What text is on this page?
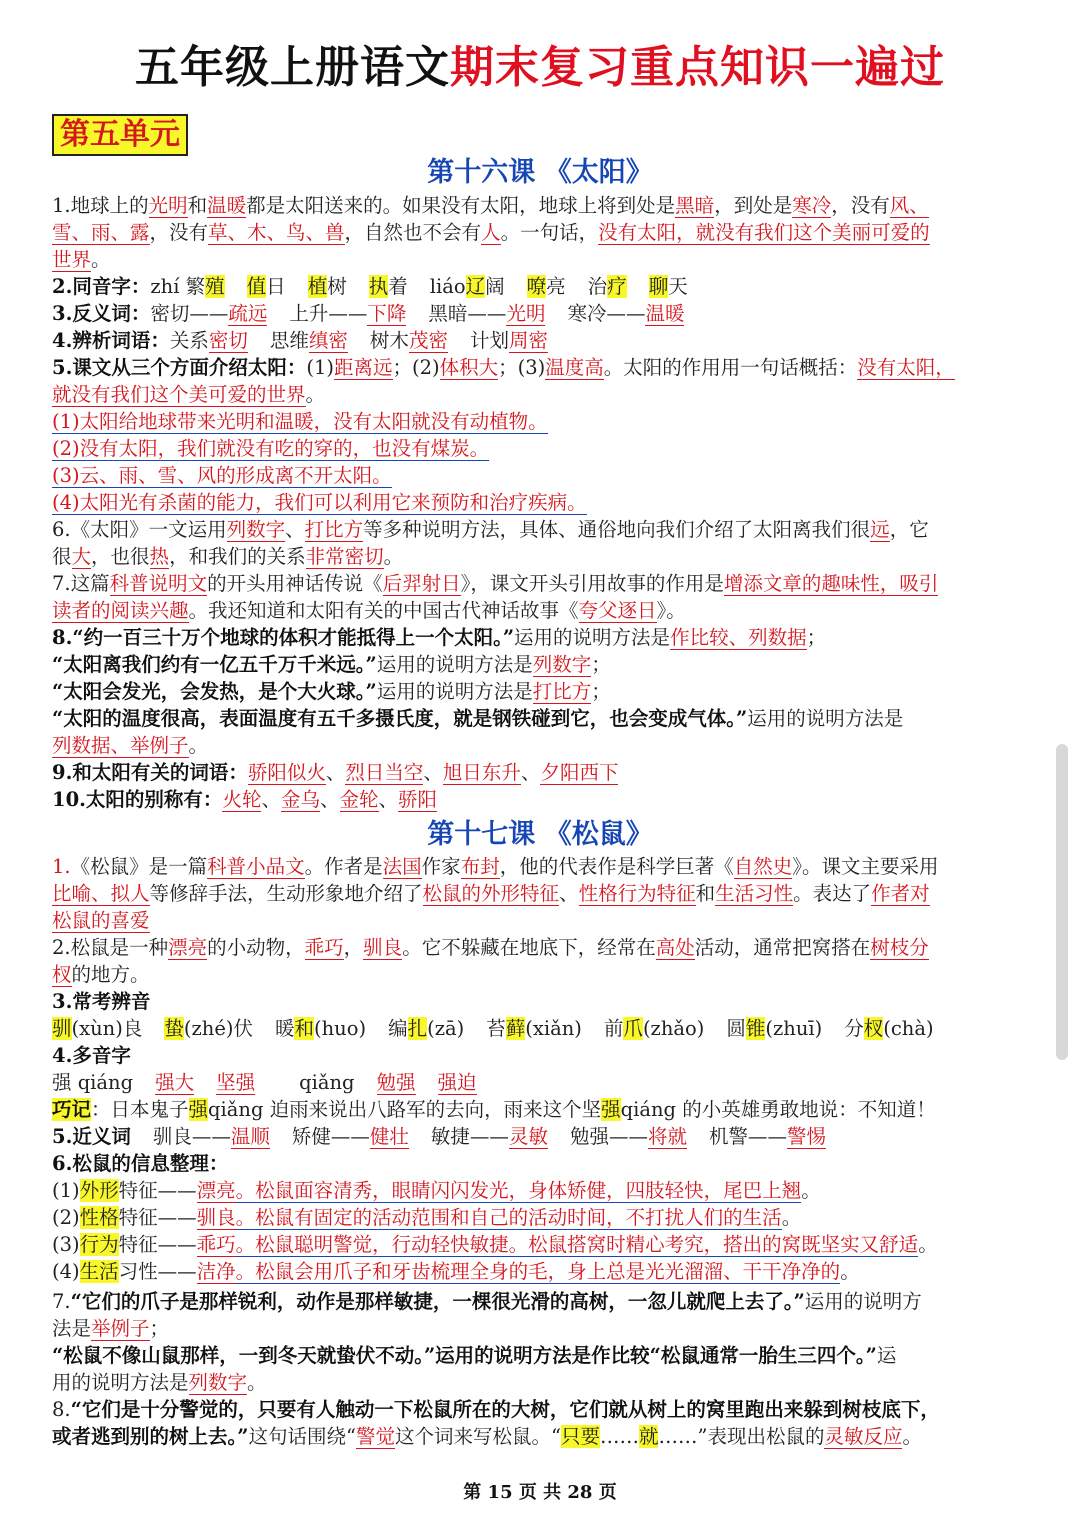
五年级上册语文期末复习重点知识一遍过
第五单元
第十六课 《太阳》
1.地球上的光明和温暖都是太阳送来的。如果没有太阳，地球上将到处是黑暗，到处是寒冷，没有风、
雪、雨、露，没有草、木、鸟、兽，自然也不会有人。一句话，没有太阳，就没有我们这个美丽可爱的
世界。
2.同音字：zhí 繁殖 值日 植树 执着 liáo辽阔 嘹亮 治疗 聊天
3.反义词：密切——疏远 上升——下降 黑暗——光明 寒冷——温暖
4.辨析词语：关系密切 思维缜密 树木茂密 计划周密
5.课文从三个方面介绍太阳：(1)距离远；(2)体积大；(3)温度高。太阳的作用用一句话概括：没有太阳，
就没有我们这个美可爱的世界。
(1)太阳给地球带来光明和温暖，没有太阳就没有动植物。
(2)没有太阳，我们就没有吃的穿的，也没有煤炭。
(3)云、雨、雪、风的形成离不开太阳。
(4)太阳光有杀菌的能力，我们可以利用它来预防和治疗疾病。
6.《太阳》一文运用列数字、打比方等多种说明方法，具体、通俗地向我们介绍了太阳离我们很远，它
很大，也很热，和我们的关系非常密切。
7.这篇科普说明文的开头用神话传说《后羿射日》，课文开头引用故事的作用是增添文章的趣味性，吸引
读者的阅读兴趣。我还知道和太阳有关的中国古代神话故事《夸父逐日》。
8.“约一百三十万个地球的体积才能抵得上一个太阳。”运用的说明方法是作比较、列数据；
“太阳离我们约有一亿五千万千米远。”运用的说明方法是列数字；
“太阳会发光，会发热，是个大火球。”运用的说明方法是打比方；
“太阳的温度很高，表面温度有五千多摄氏度，就是钢铁碰到它，也会变成气体。”运用的说明方法是
列数据、举例子。
9.和太阳有关的词语：骄阳似火、烈日当空、旭日东升、夕阳西下
10.太阳的别称有：火轮、金乌、金轮、骄阳
第十七课 《松鼠》
1.《松鼠》是一篇科普小品文。作者是法国作家布封，他的代表作是科学巨著《自然史》。课文主要采用
比喻、拟人等修辞手法，生动形象地介绍了松鼠的外形特征、性格行为特征和生活习性。表达了作者对
松鼠的喜爱
2.松鼠是一种漂亮的小动物，乖巧，驯良。它不躲藏在地底下，经常在高处活动，通常把窝搭在树枝分
杈的地方。
3.常考辨音
驯(xùn)良 蛰(zhé)伏 暖和(huo) 编扎(zā) 苔藓(xiǎn) 前爪(zhǎo) 圆锥(zhuī) 分杈(chà)
4.多音字
强 qiáng 强大 坚强 qiǎng 勉强 强迫
巧记：日本鬼子强qiǎng 迫雨来说出八路军的去向，雨来这个坚强qiáng 的小英雄勇敢地说：不知道！
5.近义词 驯良——温顺 矫健——健壮 敏捷——灵敏 勉强——将就 机警——警惕
6.松鼠的信息整理：
(1)外形特征——漂亮。松鼠面容清秀，眼睛闪闪发光，身体矫健，四肢轻快，尾巴上翘。
(2)性格特征——驯良。松鼠有固定的活动范围和自己的活动时间，不打扰人们的生活。
(3)行为特征——乖巧。松鼠聪明警觉，行动轻快敏捷。松鼠搭窝时精心考究，搭出的窝既坚实又舒适。
(4)生活习性——洁净。松鼠会用爪子和牙齿梳理全身的毛，身上总是光光溜溜、干干净净的。
7.“它们的爪子是那样锐利，动作是那样敏捷，一棵很光滑的高树，一忽儿就爬上去了。”运用的说明方
法是举例子；
“松鼠不像山鼠那样，一到冬天就蛰伏不动。”运用的说明方法是作比较“松鼠通常一胎生三四个。”运
用的说明方法是列数字。
8.“它们是十分警觉的，只要有人触动一下松鼠所在的大树，它们就从树上的窝里跑出来躲到树枝底下，
或者逃到别的树上去。”这句话围绕“警觉这个词来写松鼠。“只要……就……”表现出松鼠的灵敏反应。
第 15 页 共 28 页
